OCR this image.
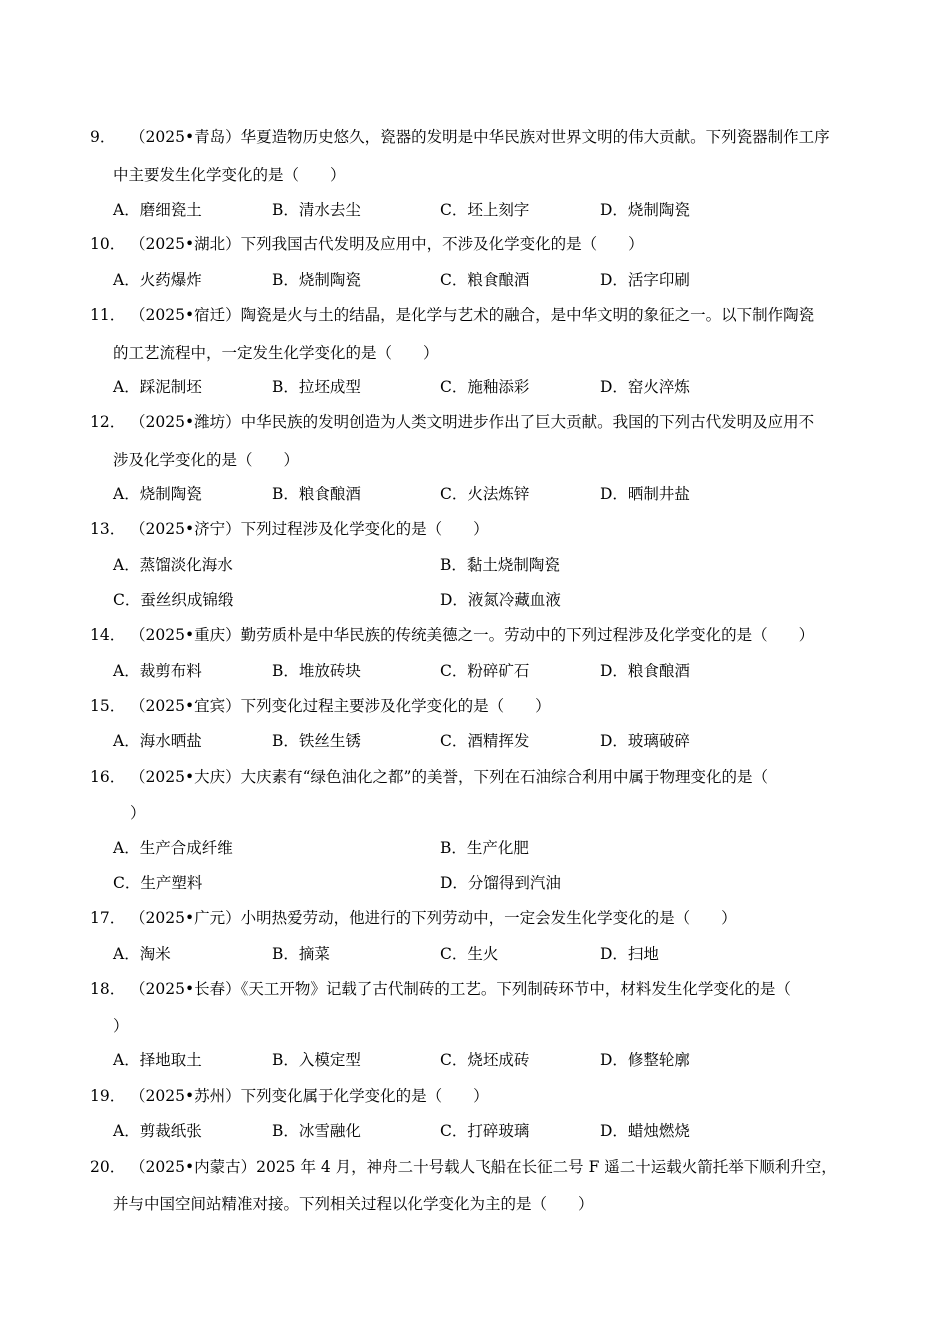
9． （2025•青岛）华夏造物历史悠久，瓷器的发明是中华民族对世界文明的伟大贡献。下列瓷器制作工序
中主要发生化学变化的是（　　）
A．磨细瓷土	B．清水去尘	C．坯上刻字	D．烧制陶瓷
10． （2025•湖北）下列我国古代发明及应用中，不涉及化学变化的是（　　）
A．火药爆炸	B．烧制陶瓷	C．粮食酿酒	D．活字印刷
11． （2025•宿迁）陶瓷是火与土的结晶，是化学与艺术的融合，是中华文明的象征之一。以下制作陶瓷
的工艺流程中，一定发生化学变化的是（　　）
A．踩泥制坯	B．拉坯成型	C．施釉添彩	D．窑火淬炼
12． （2025•潍坊）中华民族的发明创造为人类文明进步作出了巨大贡献。我国的下列古代发明及应用不
涉及化学变化的是（　　）
A．烧制陶瓷	B．粮食酿酒	C．火法炼锌	D．晒制井盐
13． （2025•济宁）下列过程涉及化学变化的是（　　）
A．蒸馏淡化海水	B．黏土烧制陶瓷
C．蚕丝织成锦缎	D．液氮冷藏血液
14． （2025•重庆）勤劳质朴是中华民族的传统美德之一。劳动中的下列过程涉及化学变化的是（　　）
A．裁剪布料	B．堆放砖块	C．粉碎矿石	D．粮食酿酒
15． （2025•宜宾）下列变化过程主要涉及化学变化的是（　　）
A．海水晒盐	B．铁丝生锈	C．酒精挥发	D．玻璃破碎
16． （2025•大庆）大庆素有“绿色油化之都”的美誉，下列在石油综合利用中属于物理变化的是（
）
A．生产合成纤维	B．生产化肥
C．生产塑料	D．分馏得到汽油
17． （2025•广元）小明热爱劳动，他进行的下列劳动中，一定会发生化学变化的是（　　）
A．淘米	B．摘菜	C．生火	D．扫地
18． （2025•长春）《天工开物》记载了古代制砖的工艺。下列制砖环节中，材料发生化学变化的是（
）
A．择地取土	B．入模定型	C．烧坯成砖	D．修整轮廓
19． （2025•苏州）下列变化属于化学变化的是（　　）
A．剪裁纸张	B．冰雪融化	C．打碎玻璃	D．蜡烛燃烧
20． （2025•内蒙古）2025 年 4 月，神舟二十号载人飞船在长征二号 F 遥二十运载火箭托举下顺利升空，
并与中国空间站精准对接。下列相关过程以化学变化为主的是（　　）
